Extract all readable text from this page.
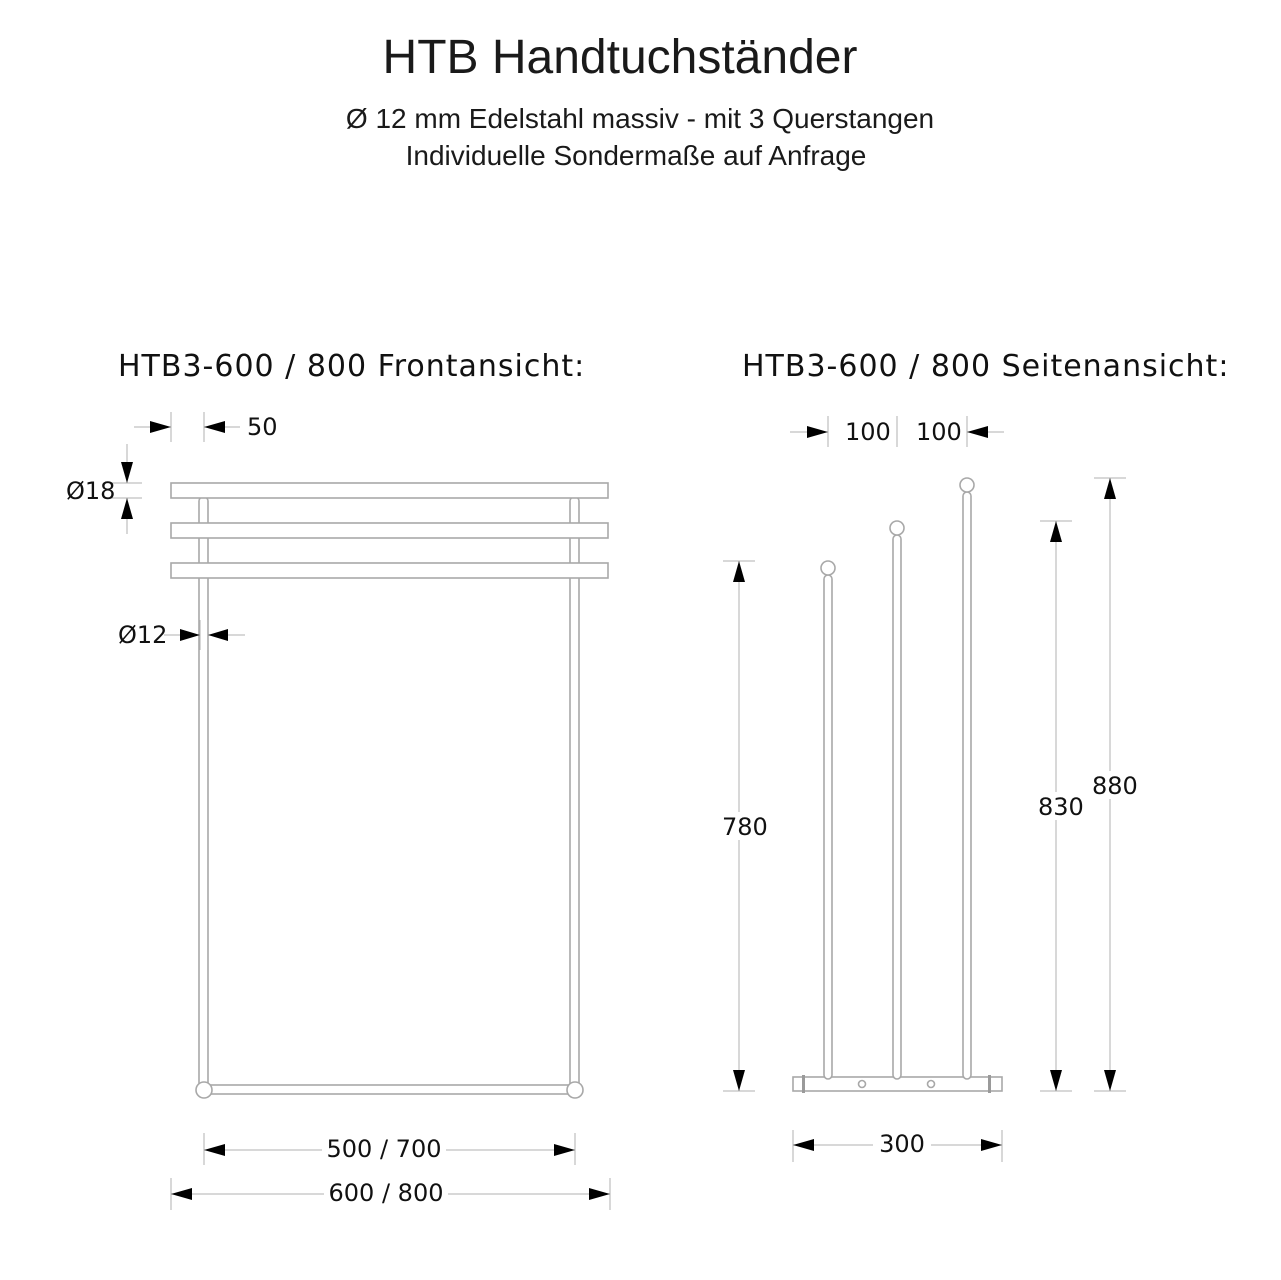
HTB Handtuchständer
Ø 12 mm Edelstahl massiv - mit 3 Querstangen
Individuelle Sondermaße auf Anfrage
HTB3-600 / 800 Frontansicht:	HTB3-600 / 800 Seitenansicht:
50
Ø18
Ø12
500 / 700
600 / 800
100 100
780
830
880
300
